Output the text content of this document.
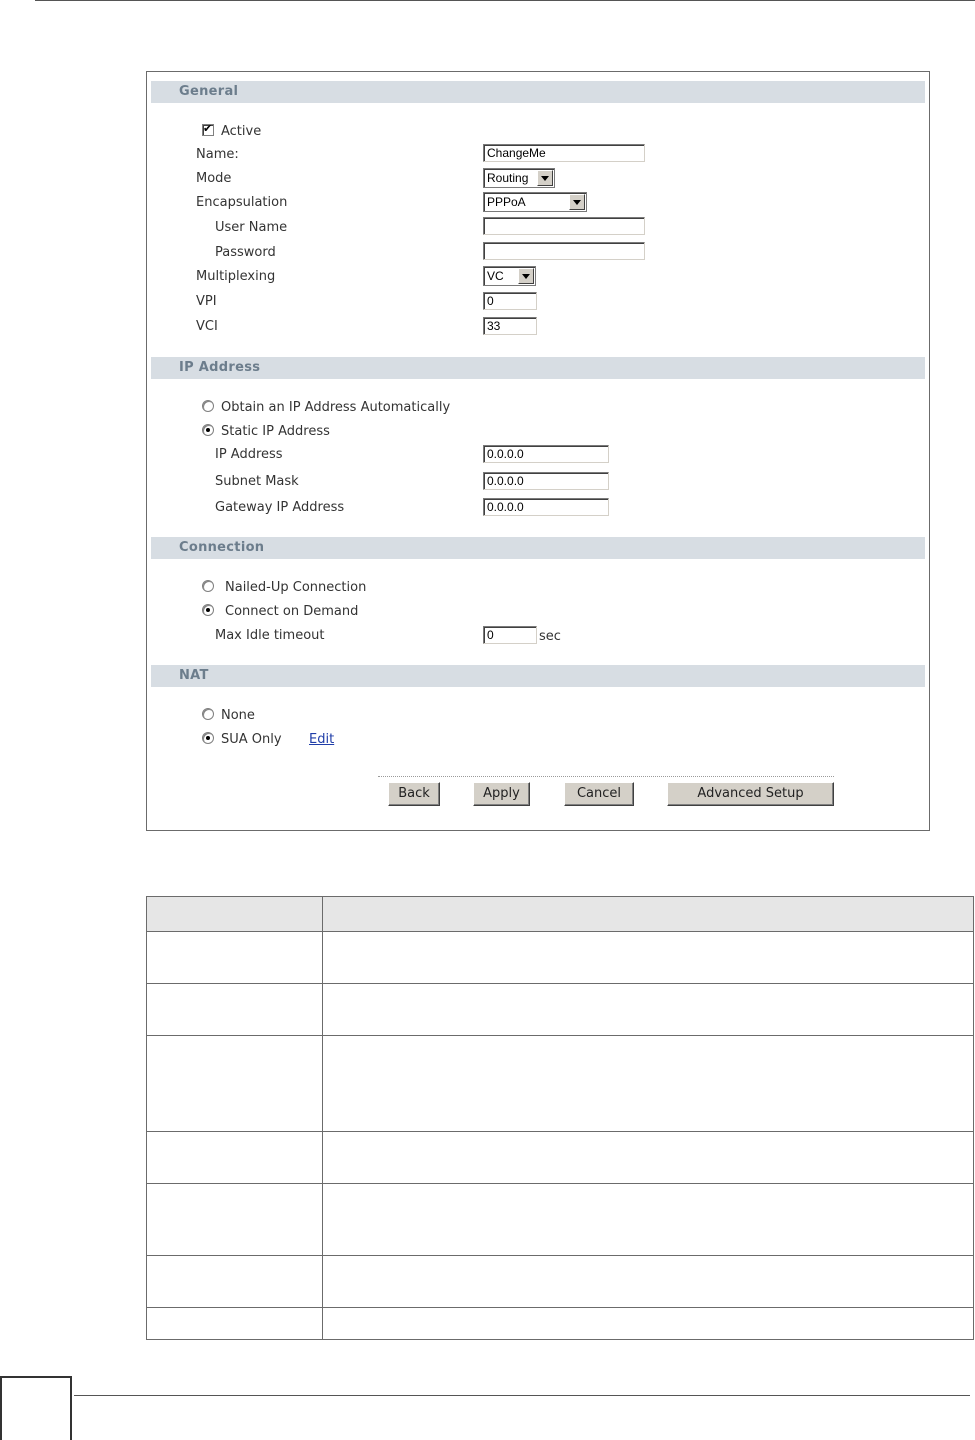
General
✔
Active
Name:	ChangeMe
Mode	Routing
Encapsulation	PPPoA
User Name
Password
Multiplexing	VC
VPI	0
VCI	33
IP Address
Obtain an IP Address Automatically
Static IP Address
IP Address	0.0.0.0
Subnet Mask	0.0.0.0
Gateway IP Address	0.0.0.0
Connection
Nailed-Up Connection
Connect on Demand
Max Idle timeout	0	sec
NAT
None
SUA Only Edit
Back	Apply	Cancel	Advanced Setup
